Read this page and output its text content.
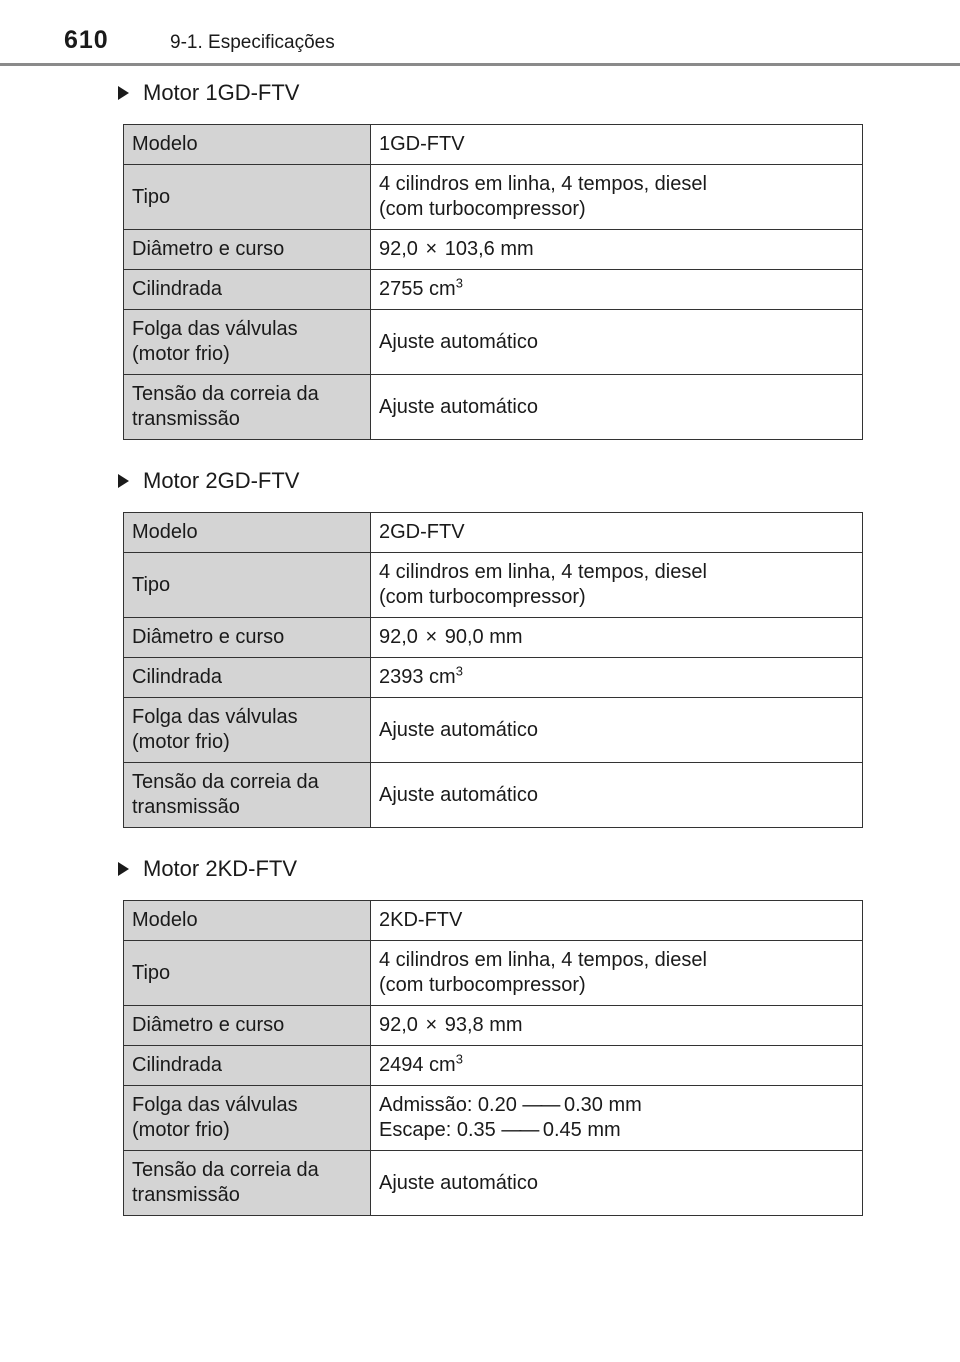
610	9-1. Especificações
Motor 1GD-FTV
Modelo	1GD-FTV
Tipo	4 cilindros em linha, 4 tempos, diesel
(com turbocompressor)
Diâmetro e curso	92,0 × 103,6 mm
Cilindrada	2755 $cm^3$
Folga das válvulas
(motor frio)	Ajuste automático

Tensão da correia da
transmissão	Ajuste automático
Motor 2GD-FTV
Modelo	2GD-FTV
Tipo	4 cilindros em linha, 4 tempos, diesel
(com turbocompressor)
Diâmetro e curso	92,0 × 90,0 mm
Cilindrada	2393 $cm^3$
Folga das válvulas
(motor frio)	Ajuste automático

Tensão da correia da
transmissão	Ajuste automático
Motor 2KD-FTV
Modelo	2KD-FTV
Tipo	4 cilindros em linha, 4 tempos, diesel
(com turbocompressor)
Diâmetro e curso	92,0 × 93,8 mm
Cilindrada	2494 $cm^3$
Folga das válvulas
(motor frio)	Admissão: 0.20 —— 0.30 mm
Escape: 0.35 —— 0.45 mm

Tensão da correia da
transmissão	Ajuste automático
